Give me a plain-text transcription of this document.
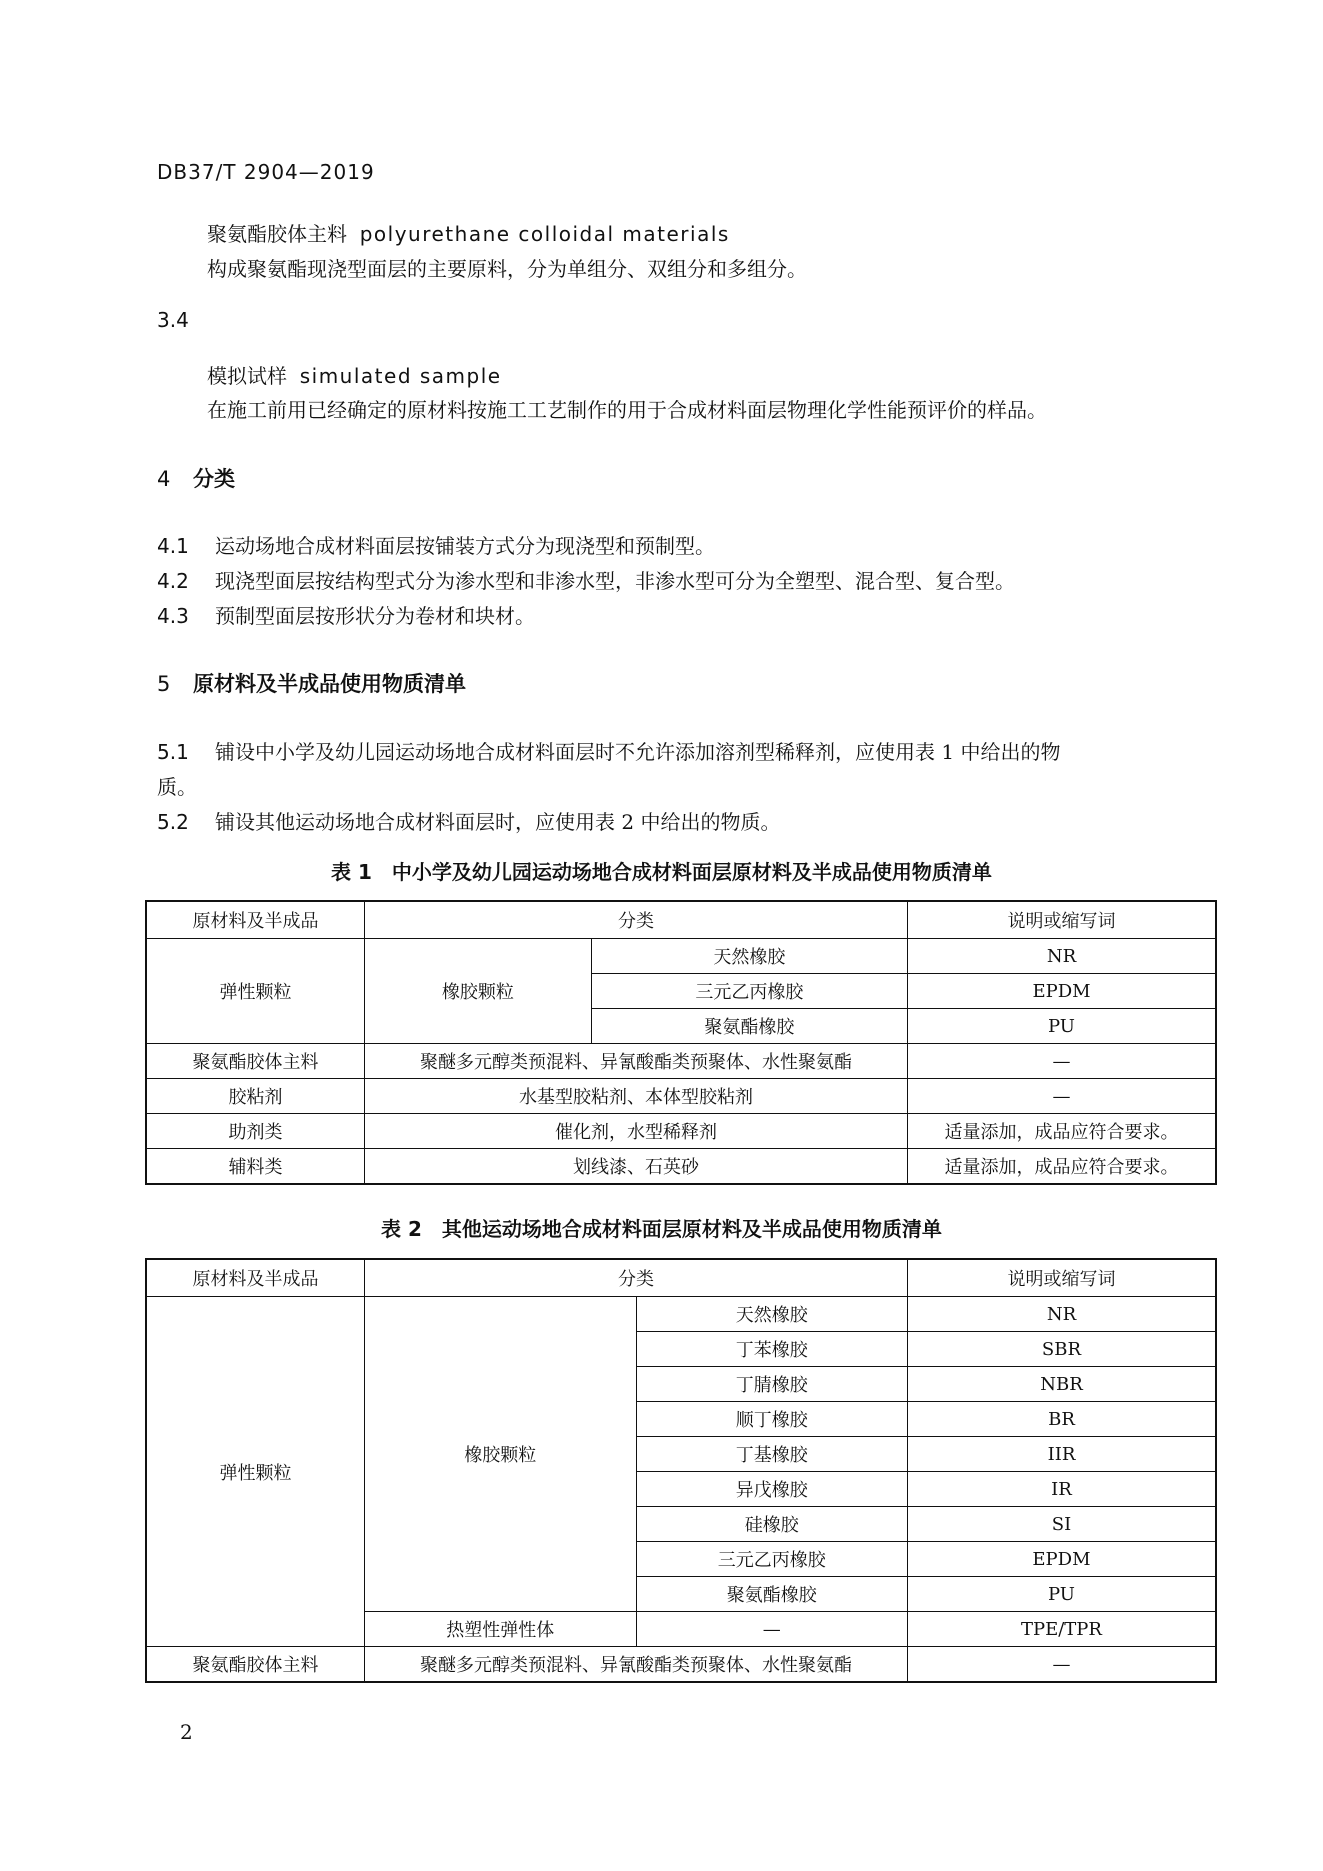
DB37/T 2904—2019
聚氨酯胶体主料 polyurethane colloidal materials
构成聚氨酯现浇型面层的主要原料，分为单组分、双组分和多组分。
3.4
模拟试样 simulated sample
在施工前用已经确定的原材料按施工工艺制作的用于合成材料面层物理化学性能预评价的样品。
4 分类
4.1 运动场地合成材料面层按铺装方式分为现浇型和预制型。
4.2 现浇型面层按结构型式分为渗水型和非渗水型，非渗水型可分为全塑型、混合型、复合型。
4.3 预制型面层按形状分为卷材和块材。
5 原材料及半成品使用物质清单
5.1 铺设中小学及幼儿园运动场地合成材料面层时不允许添加溶剂型稀释剂，应使用表 1 中给出的物
质。
5.2 铺设其他运动场地合成材料面层时，应使用表 2 中给出的物质。
表 1　中小学及幼儿园运动场地合成材料面层原材料及半成品使用物质清单
原材料及半成品	分类		说明或缩写词
弹性颗粒	橡胶颗粒	天然橡胶	NR
		三元乙丙橡胶	EPDM
		聚氨酯橡胶	PU
聚氨酯胶体主料	聚醚多元醇类预混料、异氰酸酯类预聚体、水性聚氨酯		—
胶粘剂	水基型胶粘剂、本体型胶粘剂		—
助剂类	催化剂，水型稀释剂		适量添加，成品应符合要求。
辅料类	划线漆、石英砂		适量添加，成品应符合要求。
表 2　其他运动场地合成材料面层原材料及半成品使用物质清单
原材料及半成品	分类		说明或缩写词
弹性颗粒	橡胶颗粒	天然橡胶	NR
		丁苯橡胶	SBR
		丁腈橡胶	NBR
		顺丁橡胶	BR
		丁基橡胶	IIR
		异戊橡胶	IR
		硅橡胶	SI
		三元乙丙橡胶	EPDM
		聚氨酯橡胶	PU
	热塑性弹性体	—	TPE/TPR
聚氨酯胶体主料	聚醚多元醇类预混料、异氰酸酯类预聚体、水性聚氨酯		—
2
